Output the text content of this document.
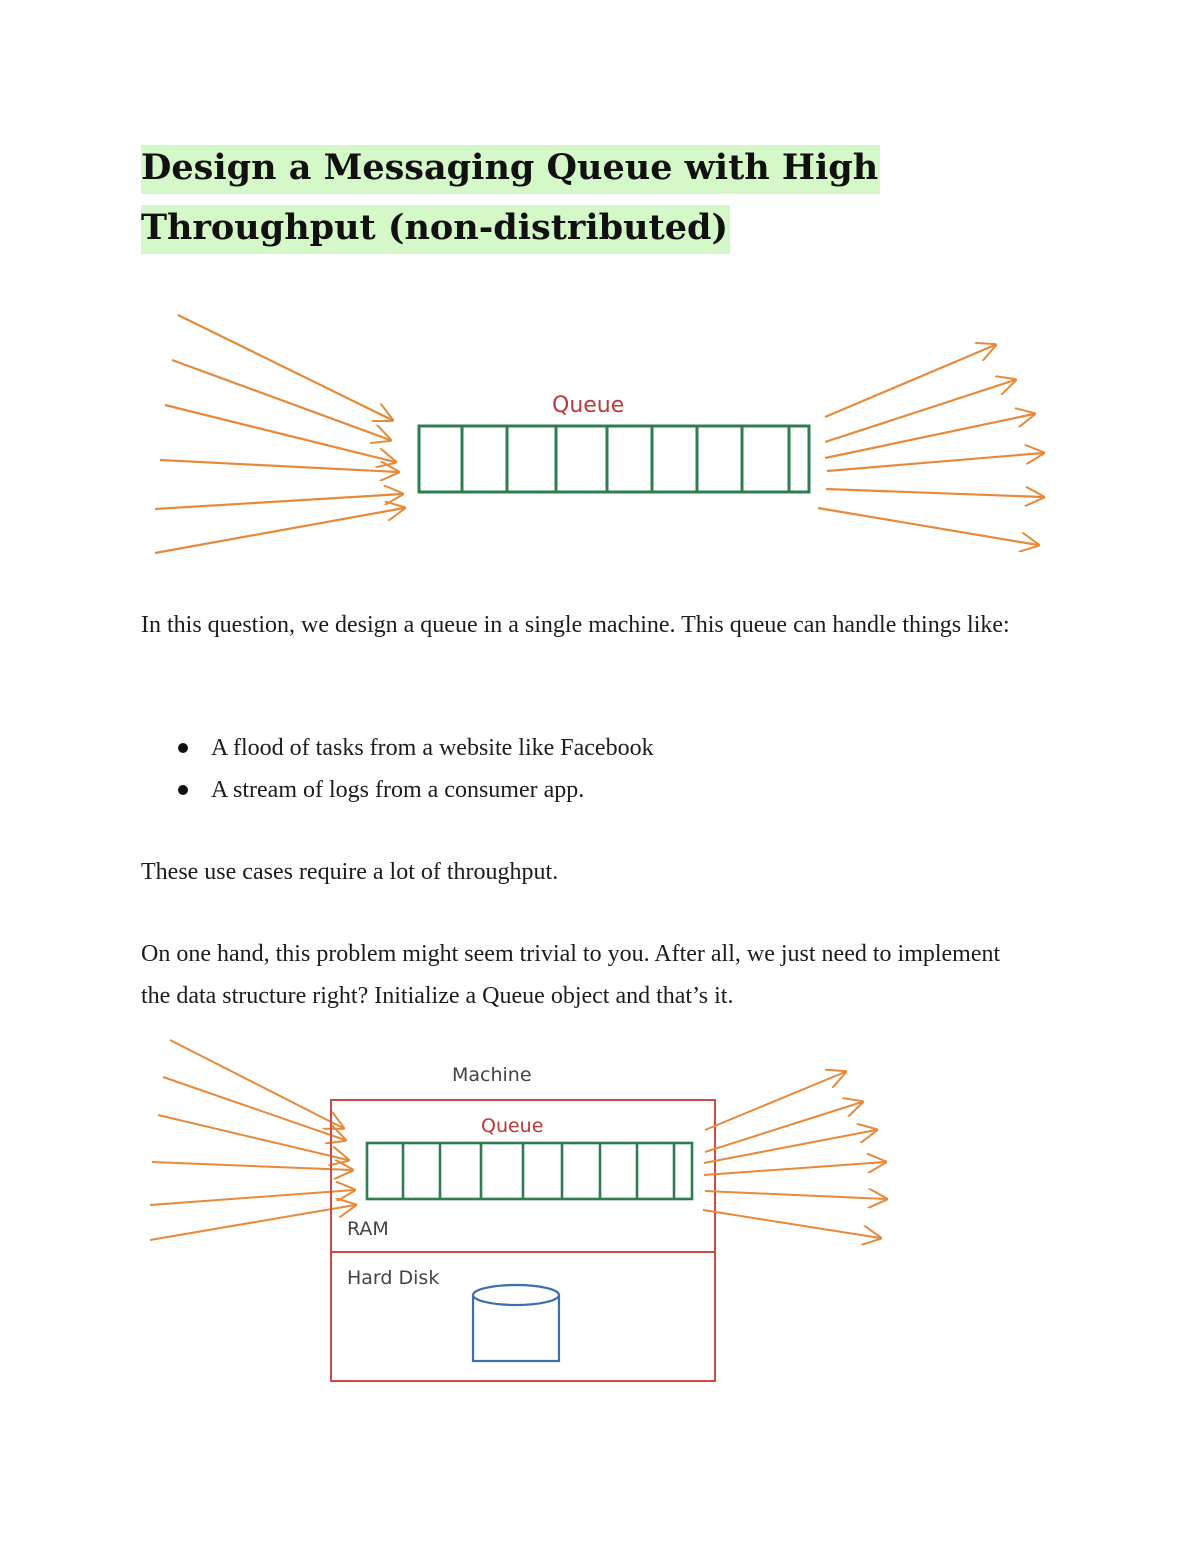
Design a Messaging Queue with High Throughput (non-distributed)
Queue
Machine
Queue
RAM
Hard Disk

In this question, we design a queue in a single machine. This queue can handle things like:

A flood of tasks from a website like Facebook
A stream of logs from a consumer app.

These use cases require a lot of throughput.

On one hand, this problem might seem trivial to you. After all, we just need to implement the data structure right? Initialize a Queue object and that’s it.
